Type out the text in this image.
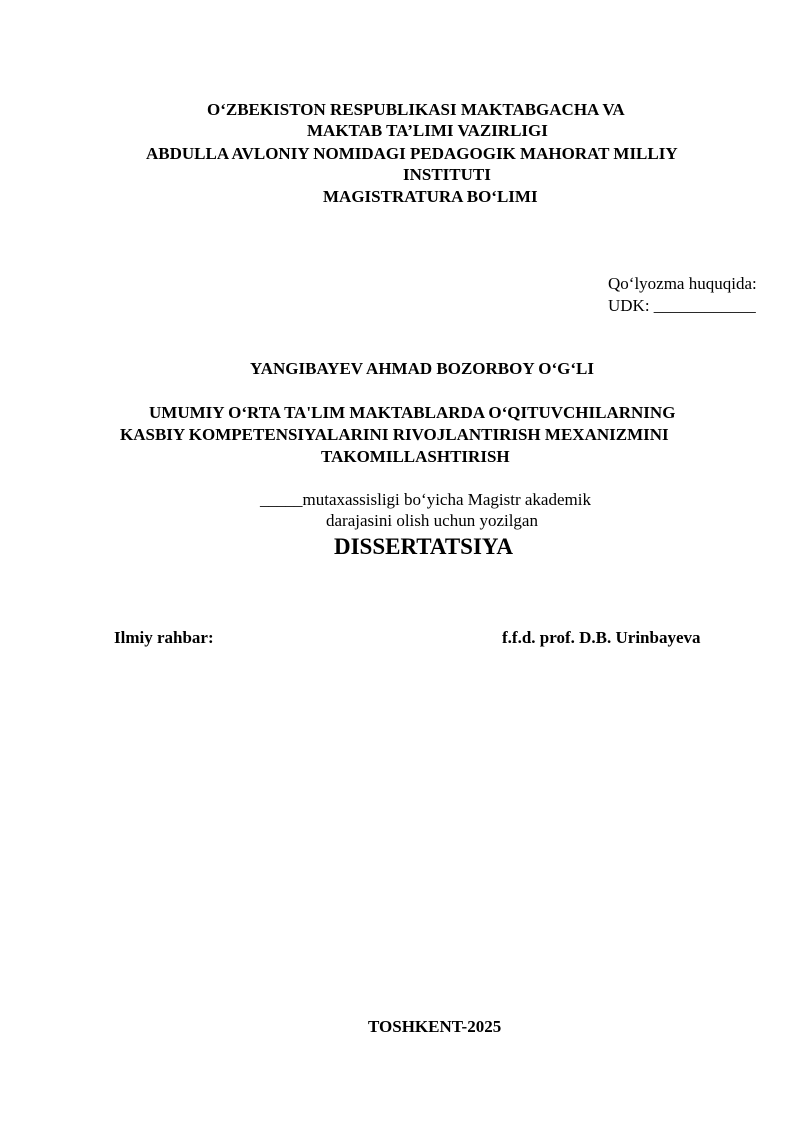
O‘ZBEKISTON RESPUBLIKASI MAKTABGACHA VA
MAKTAB TA’LIMI VAZIRLIGI
ABDULLA AVLONIY NOMIDAGI PEDAGOGIK MAHORAT MILLIY
INSTITUTI
MAGISTRATURA BO‘LIMI
Qo‘lyozma huquqida:
UDK: ____________
YANGIBAYEV AHMAD BOZORBOY O‘G‘LI
UMUMIY O‘RTA TA'LIM MAKTABLARDA O‘QITUVCHILARNING
KASBIY KOMPETENSIYALARINI RIVOJLANTIRISH MEXANIZMINI
TAKOMILLASHTIRISH
_____mutaxassisligi bo‘yicha Magistr akademik
darajasini olish uchun yozilgan
DISSERTATSIYA
Ilmiy rahbar:	f.f.d. prof. D.B. Urinbayeva
TOSHKENT-2025
